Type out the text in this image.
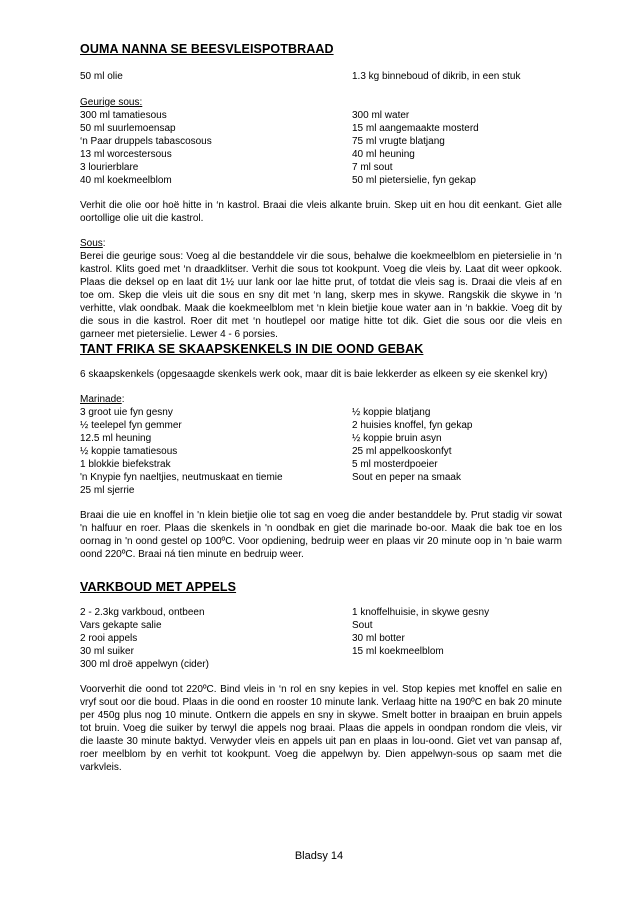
OUMA NANNA SE BEESVLEISPOTBRAAD
50 ml olie
Geurige sous:
300 ml tamatiesous
50 ml suurlemoensap
‘n Paar druppels tabascosous
13 ml worcestersous
3 lourierblare
40 ml koekmeelblom
1.3 kg binneboud of dikrib, in een stuk
300 ml water
15 ml aangemaakte mosterd
75 ml vrugte blatjang
40 ml heuning
7 ml sout
50 ml pietersielie, fyn gekap
Verhit die olie oor hoë hitte in ‘n kastrol. Braai die vleis alkante bruin. Skep uit en hou dit eenkant. Giet alle oortollige olie uit die kastrol.
Sous:
Berei die geurige sous: Voeg al die bestanddele vir die sous, behalwe die koekmeelblom en pietersielie in ‘n kastrol. Klits goed met ‘n draadklitser. Verhit die sous tot kookpunt. Voeg die vleis by. Laat dit weer opkook. Plaas die deksel op en laat dit 1½ uur lank oor lae hitte prut, of totdat die vleis sag is. Draai die vleis af en toe om. Skep die vleis uit die sous en sny dit met ‘n lang, skerp mes in skywe. Rangskik die skywe in ‘n verhitte, vlak oondbak. Maak die koekmeelblom met ‘n klein bietjie koue water aan in ‘n bakkie. Voeg dit by die sous in die kastrol. Roer dit met ‘n houtlepel oor matige hitte tot dik. Giet die sous oor die vleis en garneer met pietersielie. Lewer 4 - 6 porsies.
TANT FRIKA SE SKAAPSKENKELS IN DIE OOND GEBAK
6 skaapskenkels (opgesaagde skenkels werk ook, maar dit is baie lekkerder as elkeen sy eie skenkel kry)
Marinade:
3 groot uie fyn gesny
½ teelepel fyn gemmer
12.5 ml heuning
½ koppie tamatiesous
1 blokkie biefekstrak
'n Knypie fyn naeltjies, neutmuskaat en tiemie
25 ml sjerrie
½ koppie blatjang
2 huisies knoffel, fyn gekap
½ koppie bruin asyn
25 ml appelkooskonfyt
5 ml mosterdpoeier
Sout en peper na smaak
Braai die uie en knoffel in 'n klein bietjie olie tot sag en voeg die ander bestanddele by. Prut stadig vir sowat 'n halfuur en roer. Plaas die skenkels in 'n oondbak en giet die marinade bo-oor. Maak die bak toe en los oornag in 'n oond gestel op 100ºC. Voor opdiening, bedruip weer en plaas vir 20 minute oop in 'n baie warm oond 220ºC. Braai ná tien minute en bedruip weer.
VARKBOUD MET APPELS
2 - 2.3kg varkboud, ontbeen
Vars gekapte salie
2 rooi appels
30 ml suiker
300 ml droë appelwyn (cider)
1 knoffelhuisie, in skywe gesny
Sout
30 ml botter
15 ml koekmeelblom
Voorverhit die oond tot 220ºC. Bind vleis in ‘n rol en sny kepies in vel. Stop kepies met knoffel en salie en vryf sout oor die boud. Plaas in die oond en rooster 10 minute lank. Verlaag hitte na 190ºC en bak 20 minute per 450g plus nog 10 minute. Ontkern die appels en sny in skywe. Smelt botter in braaipan en bruin appels tot bruin. Voeg die suiker by terwyl die appels nog braai. Plaas die appels in oondpan rondom die vleis, vir die laaste 30 minute baktyd. Verwyder vleis en appels uit pan en plaas in lou-oond. Giet vet van pansap af, roer meelblom by en verhit tot kookpunt. Voeg die appelwyn by. Dien appelwyn-sous op saam met die varkvleis.
Bladsy 14
